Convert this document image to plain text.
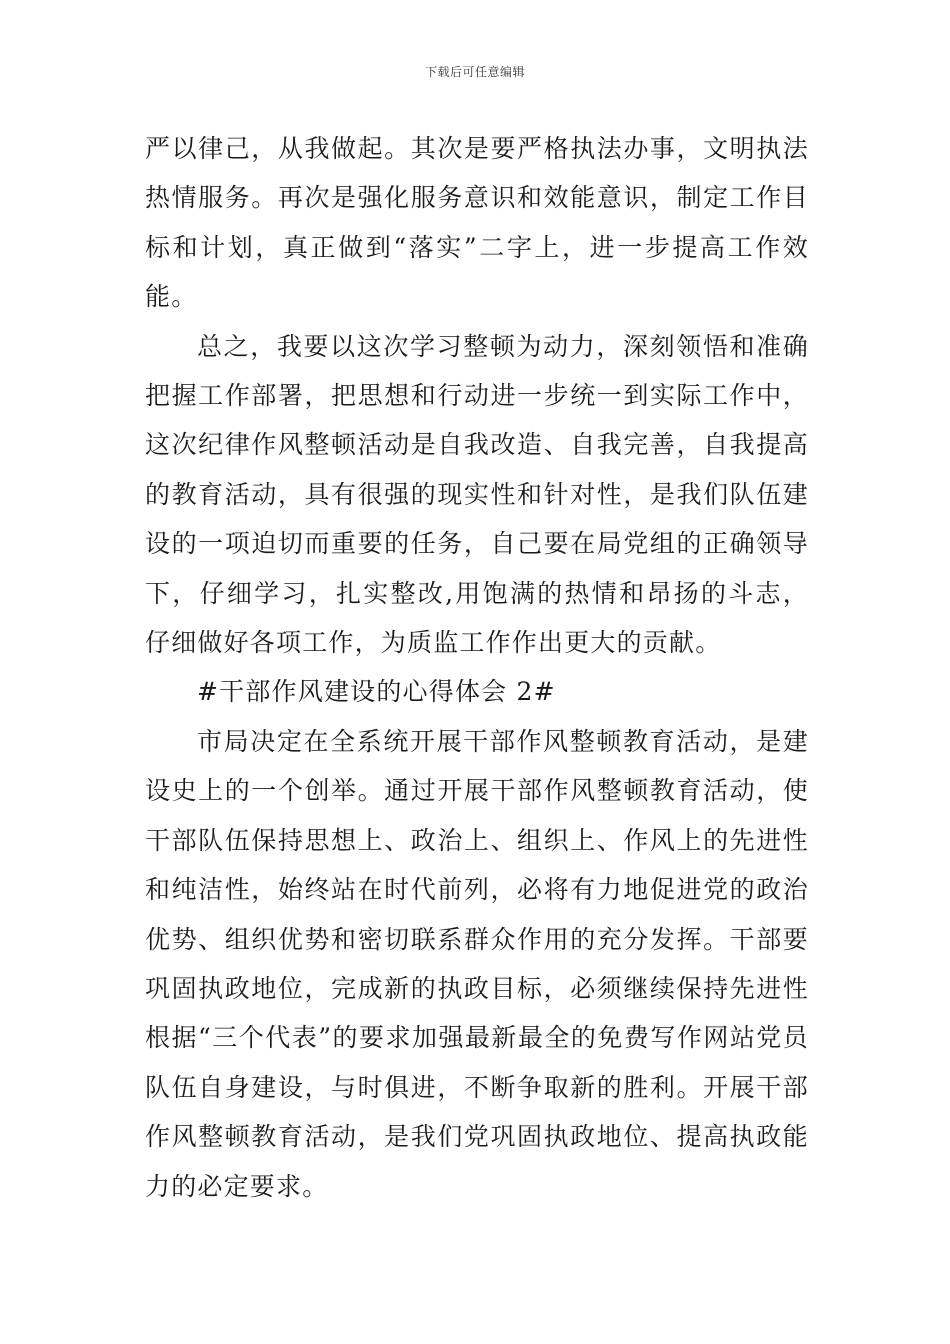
下载后可任意编辑

严以律己，从我做起。其次是要严格执法办事，文明执法热情服务。再次是强化服务意识和效能意识，制定工作目标和计划，真正做到“落实”二字上，进一步提高工作效能。

总之，我要以这次学习整顿为动力，深刻领悟和准确把握工作部署，把思想和行动进一步统一到实际工作中，这次纪律作风整顿活动是自我改造、自我完善，自我提高的教育活动，具有很强的现实性和针对性，是我们队伍建设的一项迫切而重要的任务，自己要在局党组的正确领导下，仔细学习，扎实整改,用饱满的热情和昂扬的斗志，仔细做好各项工作，为质监工作作出更大的贡献。

#干部作风建设的心得体会 2#

市局决定在全系统开展干部作风整顿教育活动，是建设史上的一个创举。通过开展干部作风整顿教育活动，使干部队伍保持思想上、政治上、组织上、作风上的先进性和纯洁性，始终站在时代前列，必将有力地促进党的政治优势、组织优势和密切联系群众作用的充分发挥。干部要巩固执政地位，完成新的执政目标，必须继续保持先进性根据“三个代表”的要求加强最新最全的免费写作网站党员队伍自身建设，与时俱进，不断争取新的胜利。开展干部作风整顿教育活动，是我们党巩固执政地位、提高执政能力的必定要求。
